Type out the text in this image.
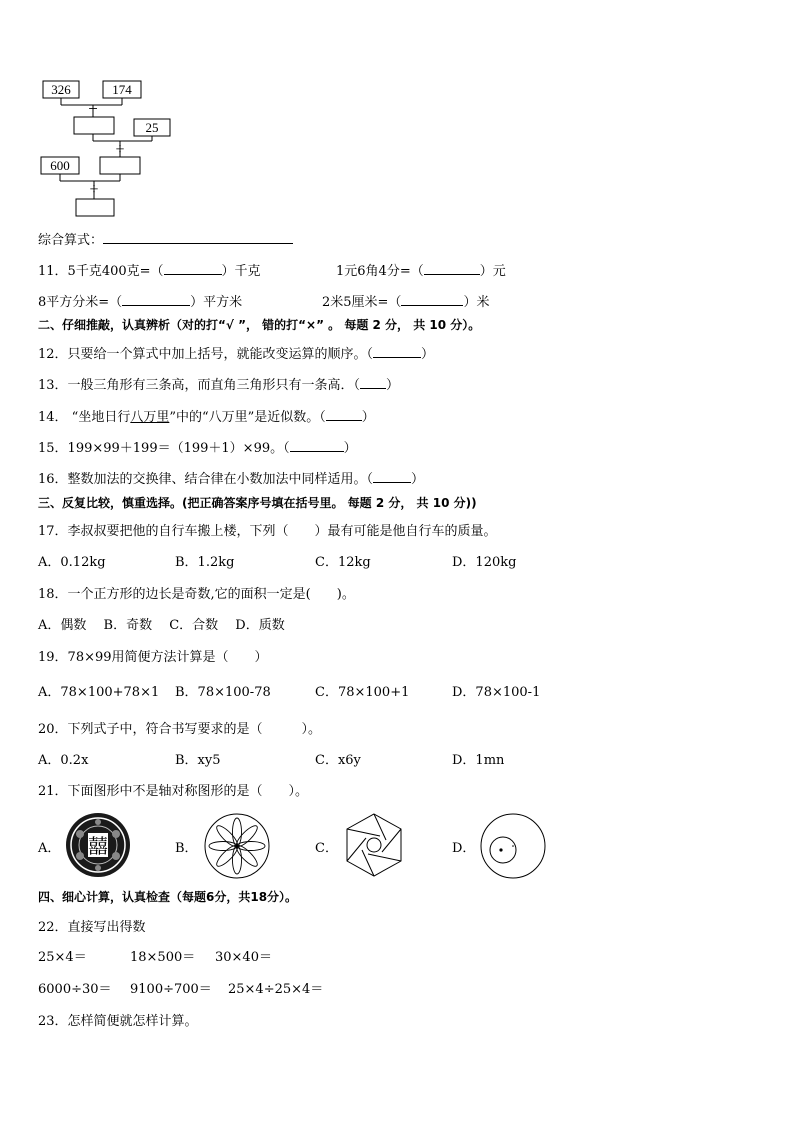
326	174
+
25
÷
600
÷
综合算式：
11．5千克400克=（	）千克	1元6角4分=（	）元
8平方分米=（	）平方米	2米5厘米=（	）米
二、仔细推敲，认真辨析（对的打“√ ”， 错的打“×” 。 每题 2 分， 共 10 分）。
12．只要给一个算式中加上括号，就能改变运算的顺序。（	）
13．一般三角形有三条高，而直角三角形只有一条高．（ ）
14． “坐地日行八万里”中的“八万里”是近似数。（	）
15．199×99＋199＝（199＋1）×99。（	）
16．整数加法的交换律、结合律在小数加法中同样适用。（	）
三、反复比较，慎重选择。(把正确答案序号填在括号里。 每题 2 分， 共 10 分))
17．李叔叔要把他的自行车搬上楼，下列（　　）最有可能是他自行车的质量。
A．0.12kg	B．1.2kg	C．12kg	D．120kg
18．一个正方形的边长是奇数,它的面积一定是(　　)。
A．偶数　 B．奇数　 C．合数　 D．质数
19．78×99用简便方法计算是（　　）
A．78×100+78×1 B．78×100-78	C．78×100+1	D．78×100-1
20．下列式子中，符合书写要求的是（　　　）。
A．0.2x	B．xy5	C．x6y	D．1mn
21．下面图形中不是轴对称图形的是（　　）。
A． 囍	B．	C．	D．
四、细心计算，认真检查（每题6分，共18分）。
22．直接写出得数
25×4＝	18×500＝ 30×40＝
6000÷30＝ 9100÷700＝ 25×4÷25×4＝
23．怎样简便就怎样计算。
